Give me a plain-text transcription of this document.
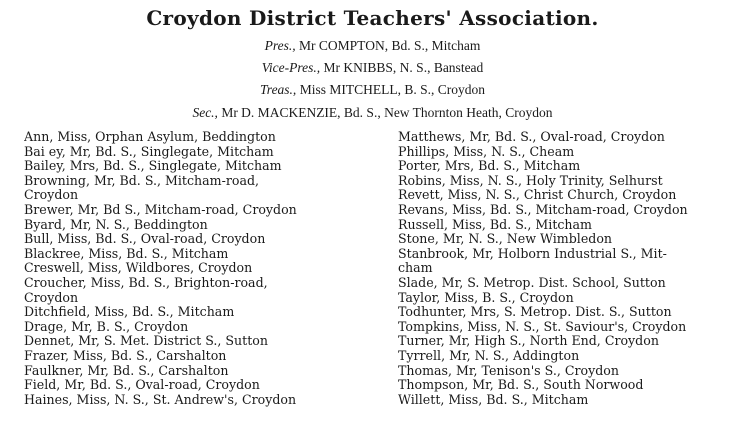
Croydon District Teachers' Association.
Pres., Mr COMPTON, Bd. S., Mitcham
Vice-Pres., Mr KNIBBS, N. S., Banstead
Treas., Miss MITCHELL, B. S., Croydon
Sec., Mr D. MACKENZIE, Bd. S., New Thornton Heath, Croydon
Ann, Miss, Orphan Asylum, Beddington
Bai ey, Mr, Bd. S., Singlegate, Mitcham
Bailey, Mrs, Bd. S., Singlegate, Mitcham
Browning, Mr, Bd. S., Mitcham-road,
Croydon
Brewer, Mr, Bd S., Mitcham-road, Croydon
Byard, Mr, N. S., Beddington
Bull, Miss, Bd. S., Oval-road, Croydon
Blackree, Miss, Bd. S., Mitcham
Creswell, Miss, Wildbores, Croydon
Croucher, Miss, Bd. S., Brighton-road,
Croydon
Ditchfield, Miss, Bd. S., Mitcham
Drage, Mr, B. S., Croydon
Dennet, Mr, S. Met. District S., Sutton
Frazer, Miss, Bd. S., Carshalton
Faulkner, Mr, Bd. S., Carshalton
Field, Mr, Bd. S., Oval-road, Croydon
Haines, Miss, N. S., St. Andrew's, Croydon
Matthews, Mr, Bd. S., Oval-road, Croydon
Phillips, Miss, N. S., Cheam
Porter, Mrs, Bd. S., Mitcham
Robins, Miss, N. S., Holy Trinity, Selhurst
Revett, Miss, N. S., Christ Church, Croydon
Revans, Miss, Bd. S., Mitcham-road, Croydon
Russell, Miss, Bd. S., Mitcham
Stone, Mr, N. S., New Wimbledon
Stanbrook, Mr, Holborn Industrial S., Mit-
cham
Slade, Mr, S. Metrop. Dist. School, Sutton
Taylor, Miss, B. S., Croydon
Todhunter, Mrs, S. Metrop. Dist. S., Sutton
Tompkins, Miss, N. S., St. Saviour's, Croydon
Turner, Mr, High S., North End, Croydon
Tyrrell, Mr, N. S., Addington
Thomas, Mr, Tenison's S., Croydon
Thompson, Mr, Bd. S., South Norwood
Willett, Miss, Bd. S., Mitcham
